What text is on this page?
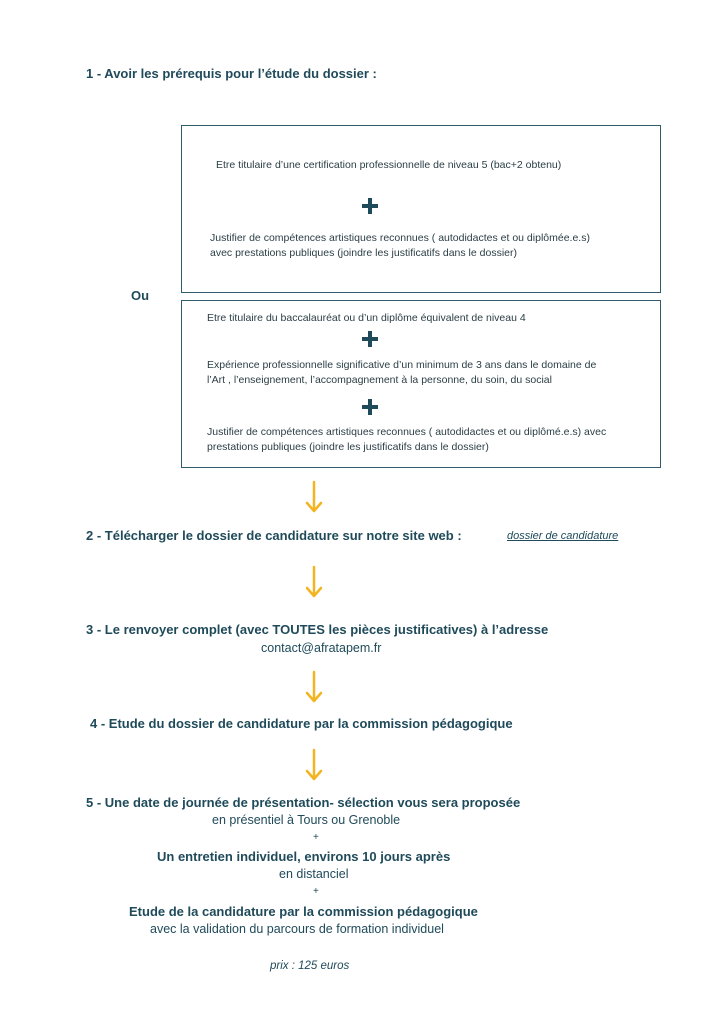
1 - Avoir les prérequis pour l’étude du dossier :
Etre titulaire d’une certification professionnelle de niveau 5 (bac+2 obtenu)
Justifier de compétences artistiques reconnues ( autodidactes et ou diplômée.e.s)
avec prestations publiques (joindre les justificatifs dans le dossier)
Ou
Etre titulaire du baccalauréat ou d’un diplôme équivalent de niveau 4
Expérience professionnelle significative d’un minimum de 3 ans dans le domaine de
l’Art , l’enseignement, l’accompagnement à la personne, du soin, du social
Justifier de compétences artistiques reconnues ( autodidactes et ou diplômé.e.s) avec
prestations publiques (joindre les justificatifs dans le dossier)
2 - Télécharger le dossier de candidature sur notre site web :	dossier de candidature
3 - Le renvoyer complet (avec TOUTES les pièces justificatives) à l’adresse
contact@afratapem.fr
4 - Etude du dossier de candidature par la commission pédagogique
5 - Une date de journée de présentation- sélection vous sera proposée
en présentiel à Tours ou Grenoble
+
Un entretien individuel, environs 10 jours après
en distanciel
+
Etude de la candidature par la commission pédagogique
avec la validation du parcours de formation individuel
prix : 125 euros
